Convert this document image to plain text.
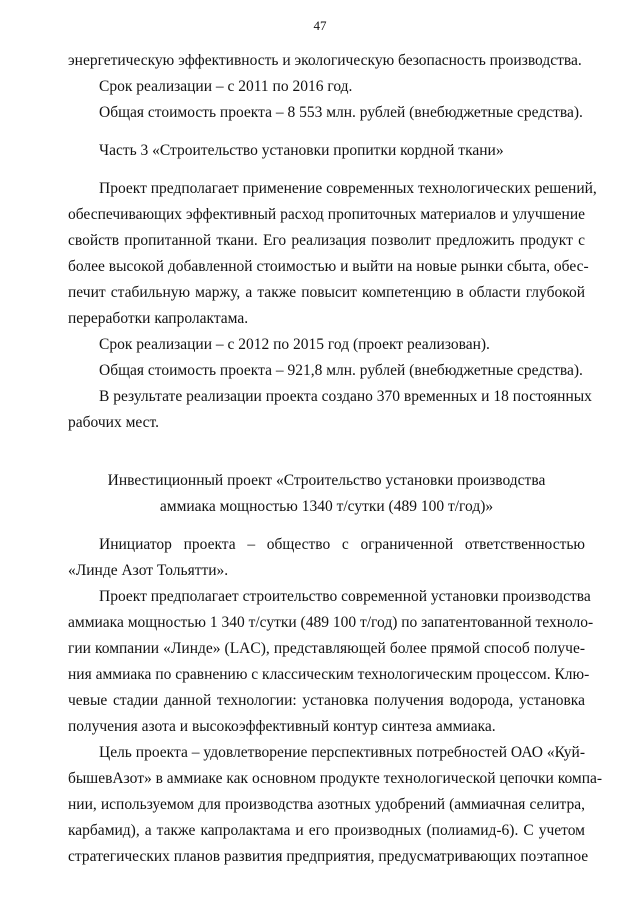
47
энергетическую эффективность и экологическую безопасность производства.
Срок реализации – с 2011 по 2016 год.
Общая стоимость проекта – 8 553 млн. рублей (внебюджетные средства).
Часть 3 «Строительство установки пропитки кордной ткани»
Проект предполагает применение современных технологических решений,
обеспечивающих эффективный расход пропиточных материалов и улучшение
свойств пропитанной ткани. Его реализация позволит предложить продукт с
более высокой добавленной стоимостью и выйти на новые рынки сбыта, обес-
печит стабильную маржу, а также повысит компетенцию в области глубокой
переработки капролактама.
Срок реализации – с 2012 по 2015 год (проект реализован).
Общая стоимость проекта – 921,8 млн. рублей (внебюджетные средства).
В результате реализации проекта создано 370 временных и 18 постоянных
рабочих мест.
Инвестиционный проект «Строительство установки производства
аммиака мощностью 1340 т/сутки (489 100 т/год)»
Инициатор проекта – общество с ограниченной ответственностью
«Линде Азот Тольятти».
Проект предполагает строительство современной установки производства
аммиака мощностью 1 340 т/сутки (489 100 т/год) по запатентованной техноло-
гии компании «Линде» (LAC), представляющей более прямой способ получе-
ния аммиака по сравнению с классическим технологическим процессом. Клю-
чевые стадии данной технологии: установка получения водорода, установка
получения азота и высокоэффективный контур синтеза аммиака.
Цель проекта – удовлетворение перспективных потребностей ОАО «Куй-
бышевАзот» в аммиаке как основном продукте технологической цепочки компа-
нии, используемом для производства азотных удобрений (аммиачная селитра,
карбамид), а также капролактама и его производных (полиамид-6). С учетом
стратегических планов развития предприятия, предусматривающих поэтапное
